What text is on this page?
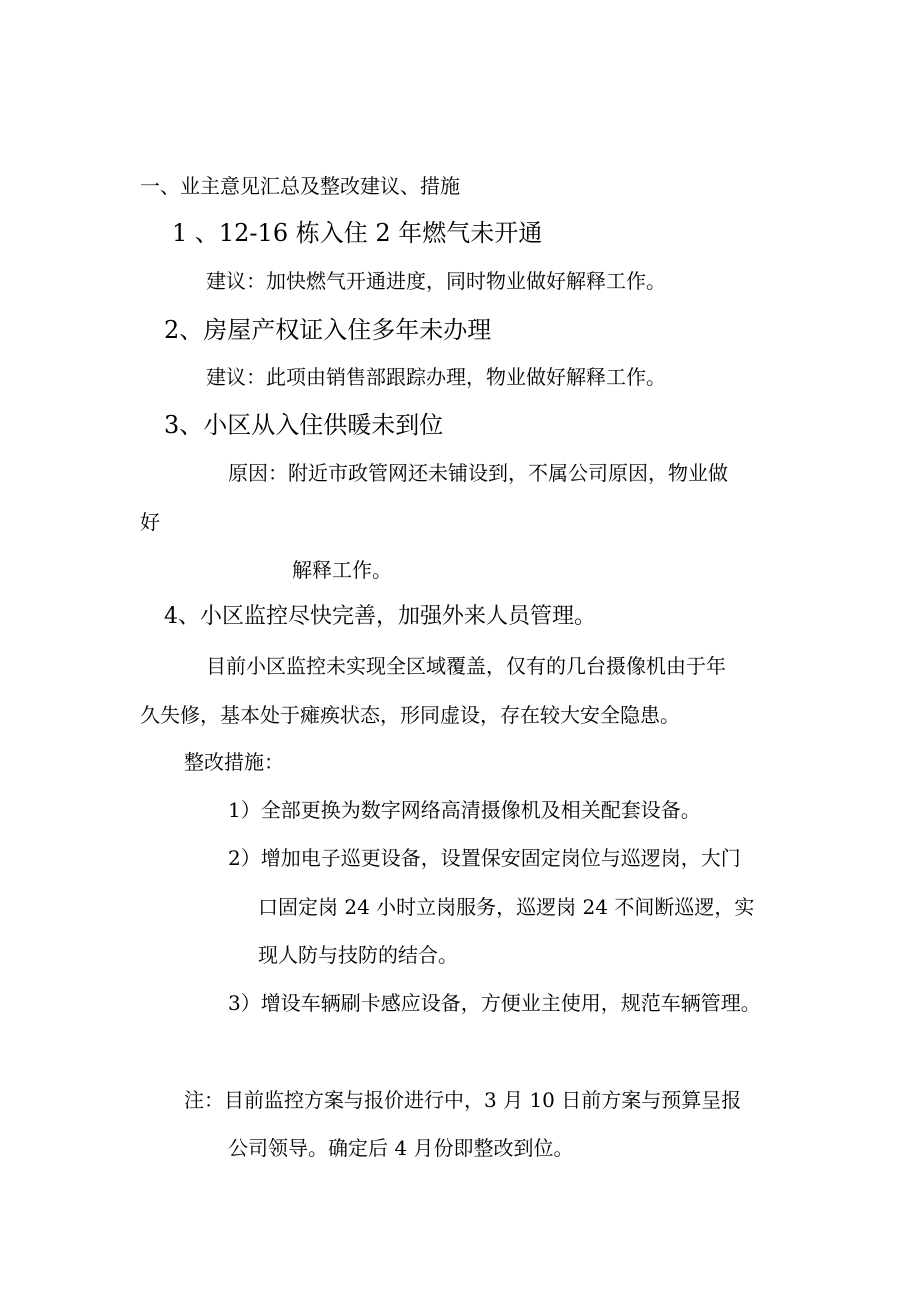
一、业主意见汇总及整改建议、措施
1 、12-16 栋入住 2 年燃气未开通
建议：加快燃气开通进度，同时物业做好解释工作。
2、房屋产权证入住多年未办理
建议：此项由销售部跟踪办理，物业做好解释工作。
3、小区从入住供暖未到位
原因：附近市政管网还未铺设到，不属公司原因，物业做
好
解释工作。
4、小区监控尽快完善，加强外来人员管理。
目前小区监控未实现全区域覆盖，仅有的几台摄像机由于年
久失修，基本处于瘫痪状态，形同虚设，存在较大安全隐患。
整改措施：
1）全部更换为数字网络高清摄像机及相关配套设备。
2）增加电子巡更设备，设置保安固定岗位与巡逻岗，大门
口固定岗 24 小时立岗服务，巡逻岗 24 不间断巡逻，实
现人防与技防的结合。
3）增设车辆刷卡感应设备，方便业主使用，规范车辆管理。
注：目前监控方案与报价进行中，3 月 10 日前方案与预算呈报
公司领导。确定后 4 月份即整改到位。
